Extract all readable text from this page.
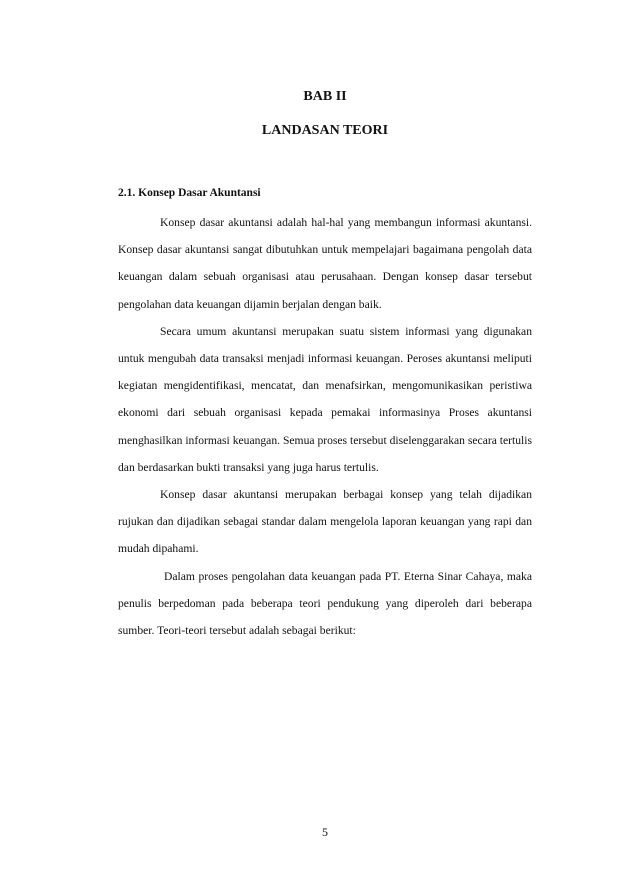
BAB II
LANDASAN TEORI
2.1. Konsep Dasar Akuntansi

Konsep dasar akuntansi adalah hal-hal yang membangun informasi akuntansi. Konsep dasar akuntansi sangat dibutuhkan untuk mempelajari bagaimana pengolah data keuangan dalam sebuah organisasi atau perusahaan. Dengan konsep dasar tersebut pengolahan data keuangan dijamin berjalan dengan baik.

Secara umum akuntansi merupakan suatu sistem informasi yang digunakan untuk mengubah data transaksi menjadi informasi keuangan. Peroses akuntansi meliputi kegiatan mengidentifikasi, mencatat, dan menafsirkan, mengomunikasikan peristiwa ekonomi dari sebuah organisasi kepada pemakai informasinya Proses akuntansi menghasilkan informasi keuangan. Semua proses tersebut diselenggarakan secara tertulis dan berdasarkan bukti transaksi yang juga harus tertulis.

Konsep dasar akuntansi merupakan berbagai konsep yang telah dijadikan rujukan dan dijadikan sebagai standar dalam mengelola laporan keuangan yang rapi dan mudah dipahami.

Dalam proses pengolahan data keuangan pada PT. Eterna Sinar Cahaya, maka penulis berpedoman pada beberapa teori pendukung yang diperoleh dari beberapa sumber. Teori-teori tersebut adalah sebagai berikut:

5
